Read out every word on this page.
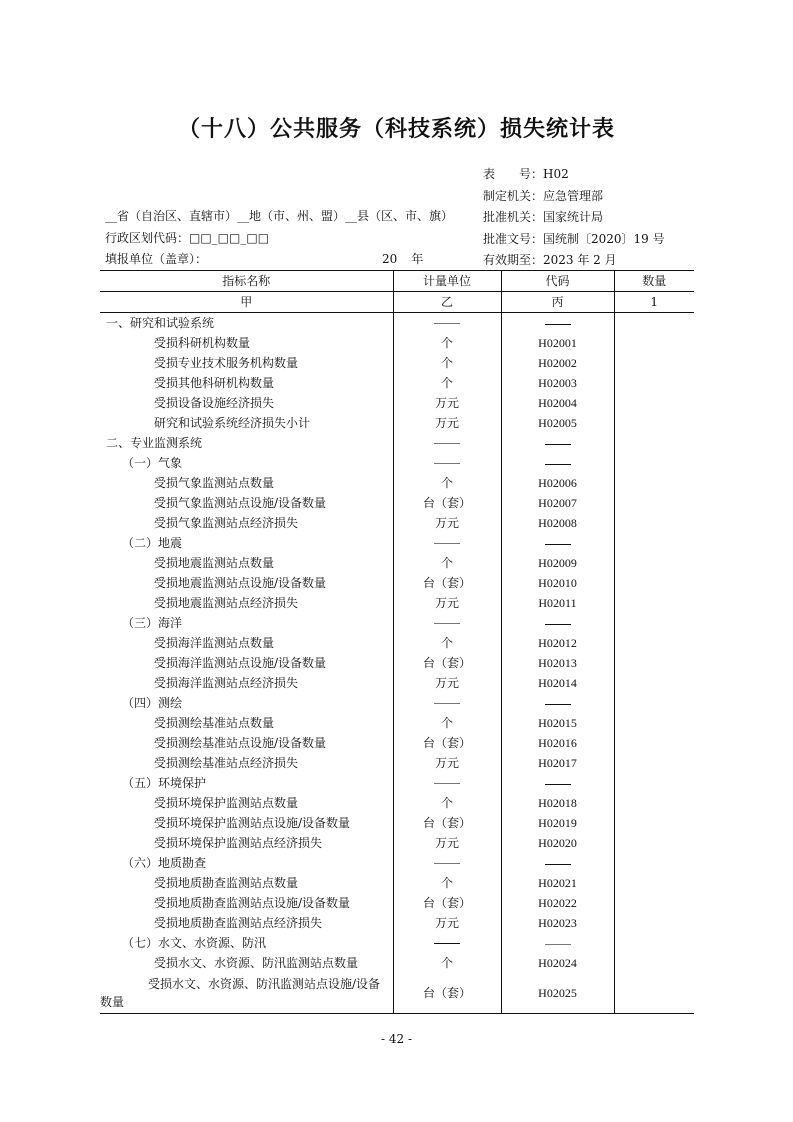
（十八）公共服务（科技系统）损失统计表
表　　号：H02
制定机关：应急管理部
批准机关：国家统计局
批准文号：国统制〔2020〕19 号
有效期至：2023 年 2 月
__省（自治区、直辖市）__地（市、州、盟）__县（区、市、旗）
行政区划代码：□□_□□_□□
填报单位（盖章）：	20 年
指标名称	计量单位	代码	数量
甲	乙	丙	1
一、研究和试验系统			
受损科研机构数量	个	H02001	
受损专业技术服务机构数量	个	H02002	
受损其他科研机构数量	个	H02003	
受损设备设施经济损失	万元	H02004	
研究和试验系统经济损失小计	万元	H02005	
二、专业监测系统			
（一）气象			
受损气象监测站点数量	个	H02006	
受损气象监测站点设施/设备数量	台（套）	H02007	
受损气象监测站点经济损失	万元	H02008	
（二）地震			
受损地震监测站点数量	个	H02009	
受损地震监测站点设施/设备数量	台（套）	H02010	
受损地震监测站点经济损失	万元	H02011	
（三）海洋			
受损海洋监测站点数量	个	H02012	
受损海洋监测站点设施/设备数量	台（套）	H02013	
受损海洋监测站点经济损失	万元	H02014	
（四）测绘			
受损测绘基准站点数量	个	H02015	
受损测绘基准站点设施/设备数量	台（套）	H02016	
受损测绘基准站点经济损失	万元	H02017	
（五）环境保护			
受损环境保护监测站点数量	个	H02018	
受损环境保护监测站点设施/设备数量	台（套）	H02019	
受损环境保护监测站点经济损失	万元	H02020	
（六）地质勘查			
受损地质勘查监测站点数量	个	H02021	
受损地质勘查监测站点设施/设备数量	台（套）	H02022	
受损地质勘查监测站点经济损失	万元	H02023	
（七）水文、水资源、防汛			
受损水文、水资源、防汛监测站点数量	个	H02024	

受损水文、水资源、防汛监测站点设施/设备
数量	台（套）	H02025	
- 42 -
